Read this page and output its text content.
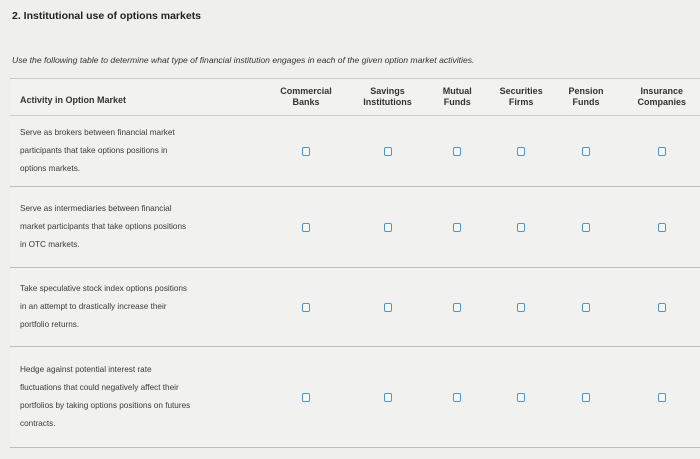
2. Institutional use of options markets
Use the following table to determine what type of financial institution engages in each of the given option market activities.
Activity in Option Market
Commercial
Banks
Savings
Institutions
Mutual
Funds
Securities
Firms
Pension
Funds
Insurance
Companies
Serve as brokers between financial market
participants that take options positions in
options markets.
Serve as intermediaries between financial
market participants that take options positions
in OTC markets.
Take speculative stock index options positions
in an attempt to drastically increase their
portfolio returns.
Hedge against potential interest rate
fluctuations that could negatively affect their
portfolios by taking options positions on futures
contracts.
